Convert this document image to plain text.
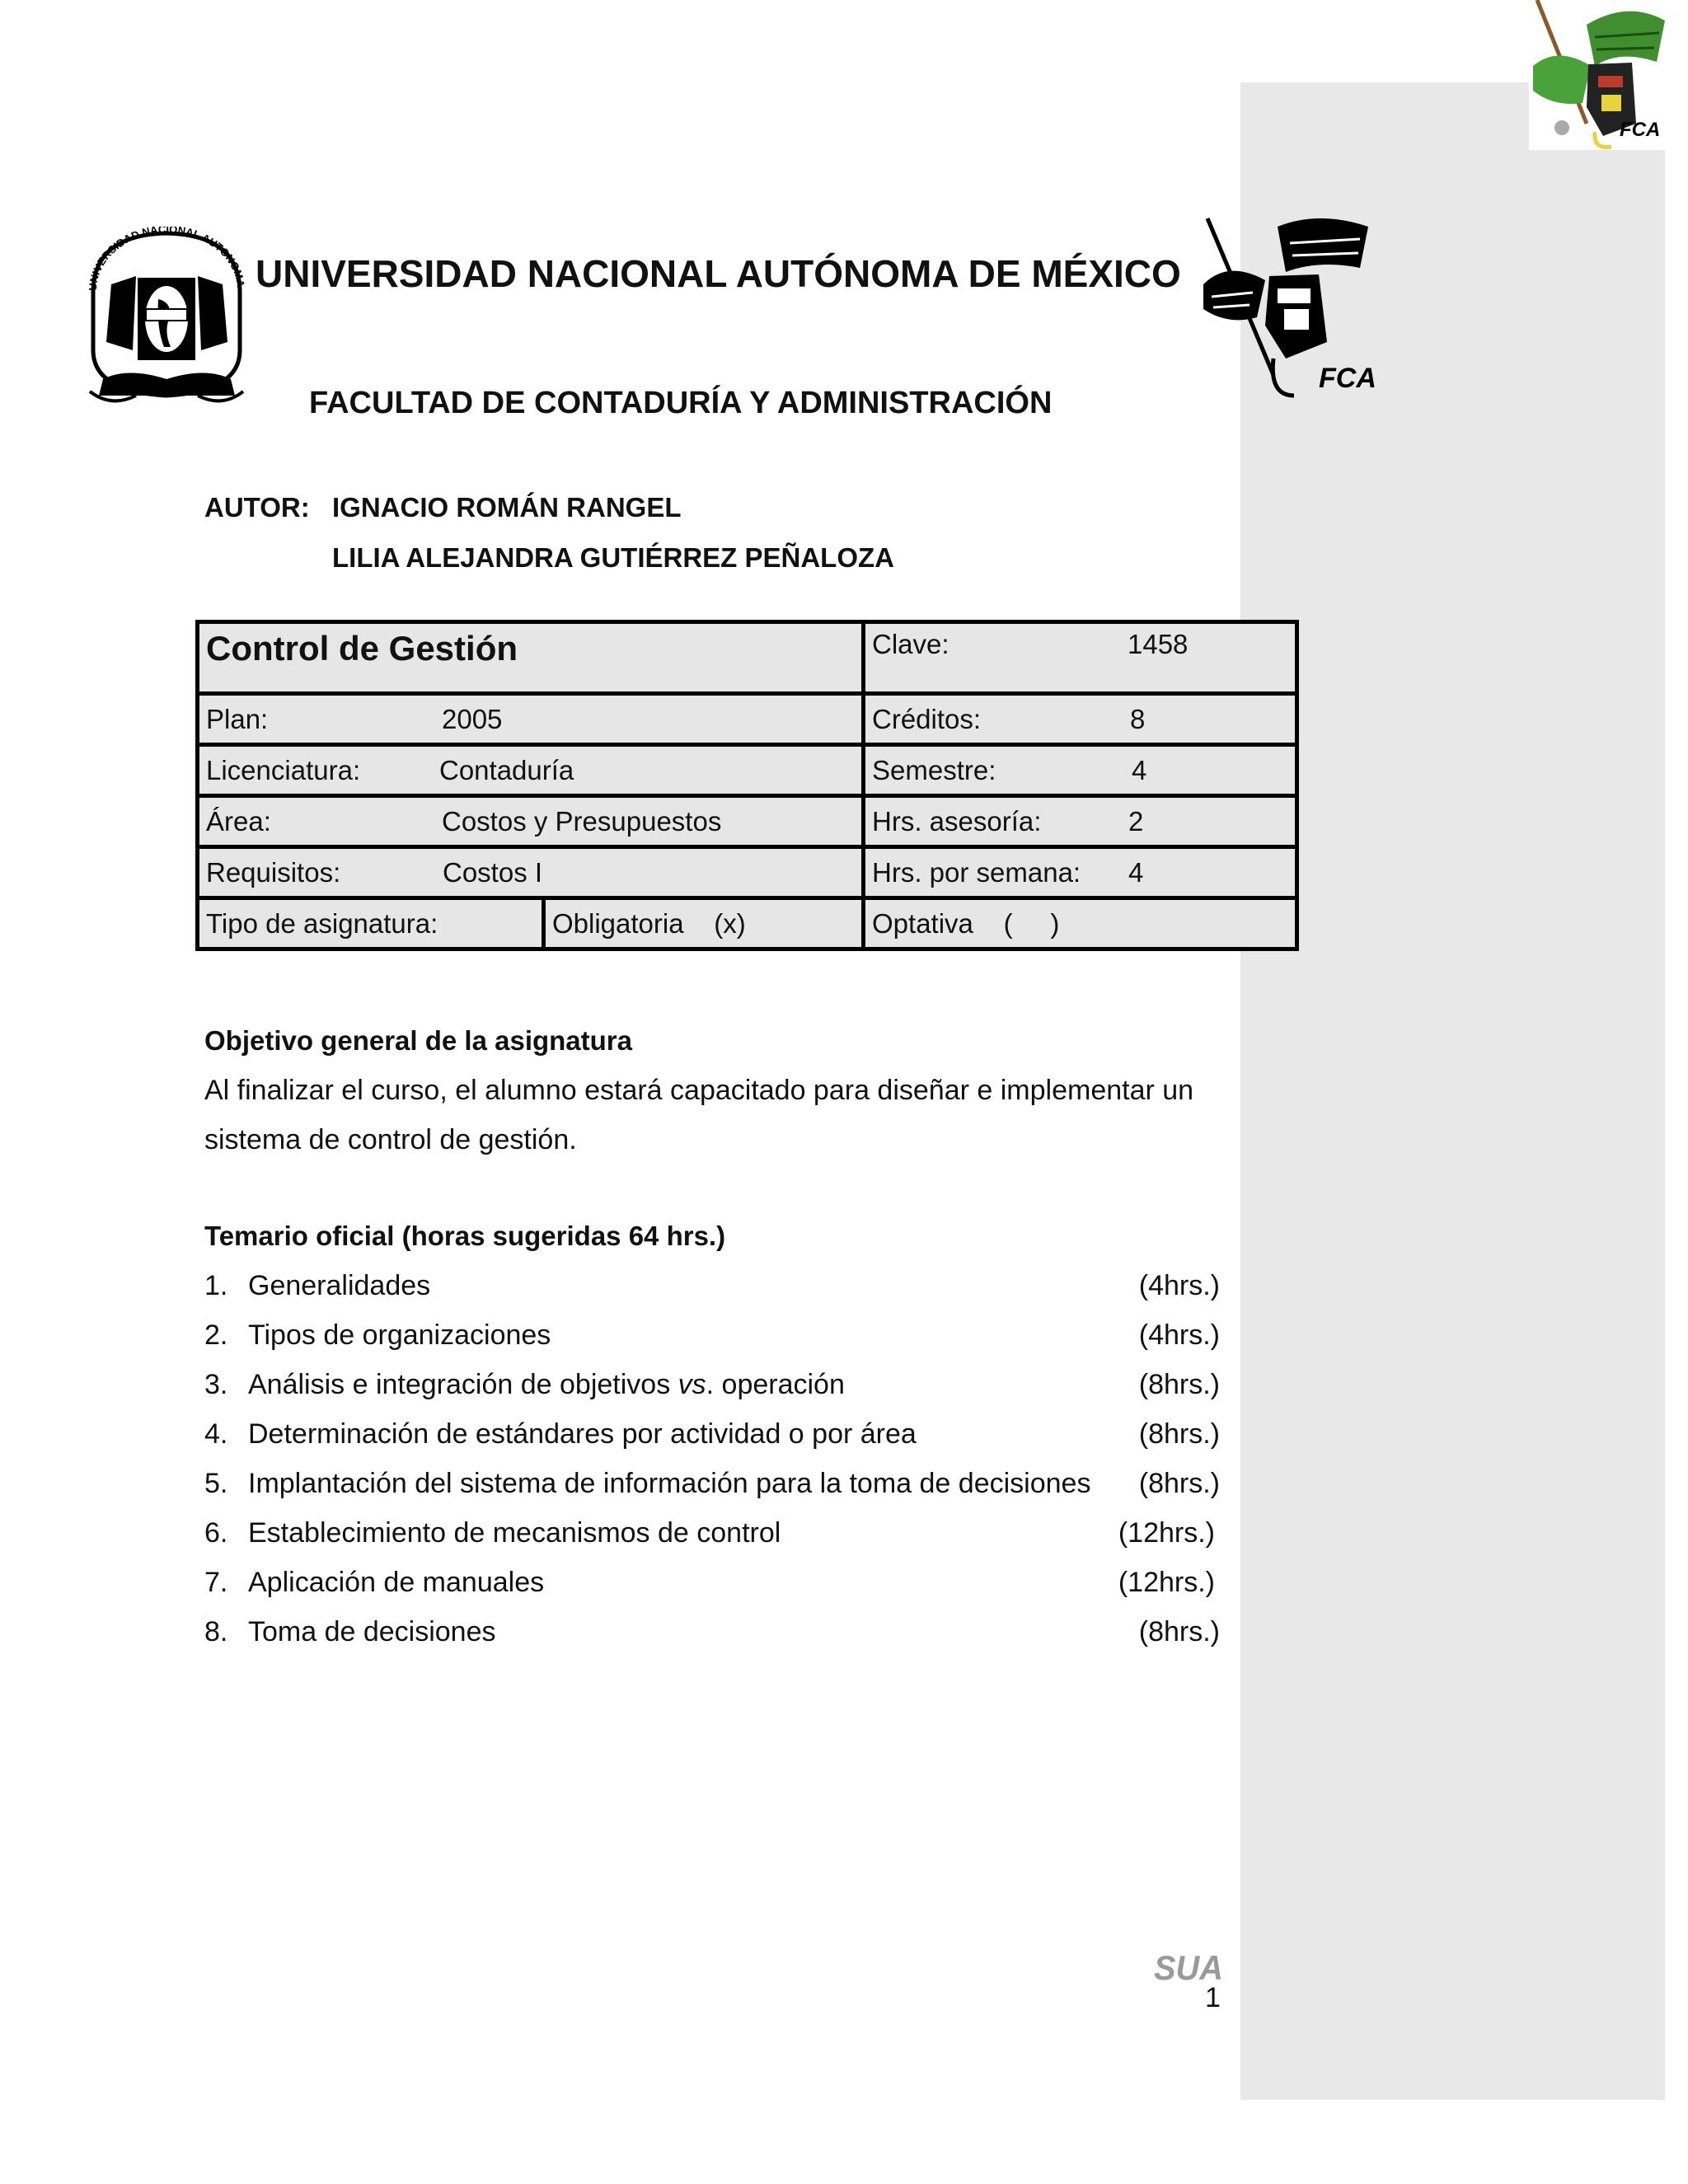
UNIVERSIDAD NACIONAL AUTONOMA UNIVERSIDAD NACIONAL AUTÓNOMA DE MÉXICO
FCA
FCA
FACULTAD DE CONTADURÍA Y ADMINISTRACIÓN
AUTOR: IGNACIO ROMÁN RANGEL
LILIA ALEJANDRA GUTIÉRREZ PEÑALOZA
Control de Gestión		Clave: 1458
Plan: 2005		Créditos: 8
Licenciatura: Contaduría		Semestre: 4
Área: Costos y Presupuestos		Hrs. asesoría: 2
Requisitos: Costos I		Hrs. por semana: 4
Tipo de asignatura:	Obligatoria    (x)	Optativa    (     )
Objetivo general de la asignatura
Al finalizar el curso, el alumno estará capacitado para diseñar e implementar un sistema de control de gestión.
Temario oficial (horas sugeridas 64 hrs.)
1. Generalidades	(4hrs.)
2. Tipos de organizaciones	(4hrs.)
3. Análisis e integración de objetivos vs. operación	(8hrs.)
4. Determinación de estándares por actividad o por área	(8hrs.)
5. Implantación del sistema de información para la toma de decisiones (8hrs.)
6. Establecimiento de mecanismos de control	(12hrs.)
7. Aplicación de manuales	(12hrs.)
8. Toma de decisiones	(8hrs.)
SUA
1
